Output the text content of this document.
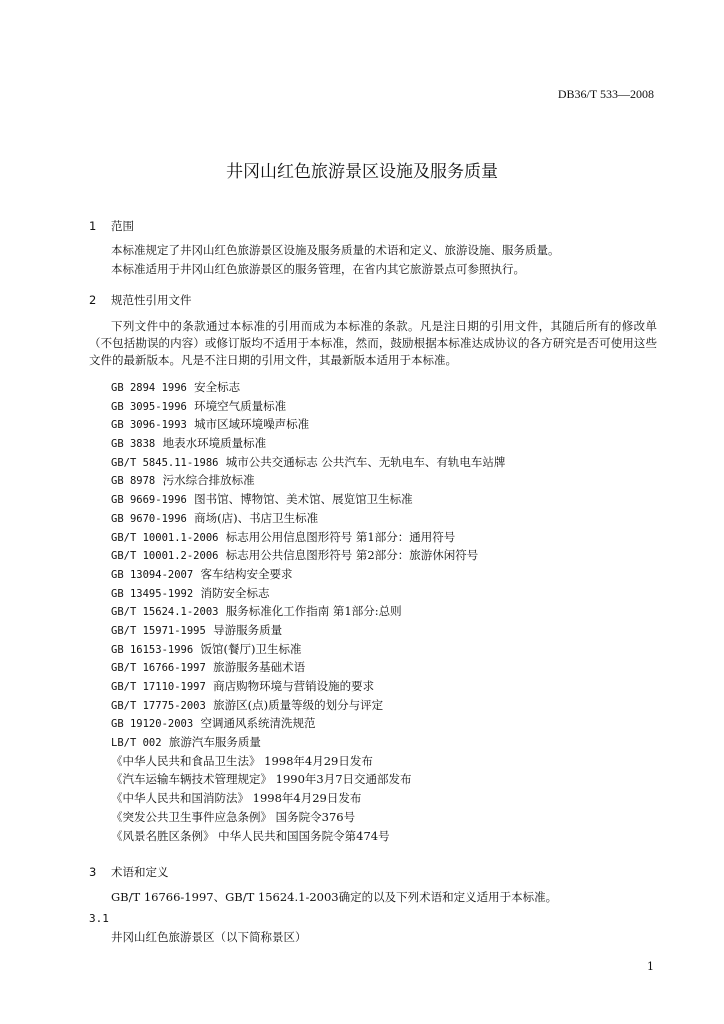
DB36/T 533—2008
井冈山红色旅游景区设施及服务质量
1 范围
本标准规定了井冈山红色旅游景区设施及服务质量的术语和定义、旅游设施、服务质量。
本标准适用于井冈山红色旅游景区的服务管理，在省内其它旅游景点可参照执行。
2 规范性引用文件
下列文件中的条款通过本标准的引用而成为本标准的条款。凡是注日期的引用文件，其随后所有的修改单（不包括勘误的内容）或修订版均不适用于本标准，然而，鼓励根据本标准达成协议的各方研究是否可使用这些文件的最新版本。凡是不注日期的引用文件，其最新版本适用于本标准。
GB 2894 1996 安全标志
GB 3095-1996 环境空气质量标准
GB 3096-1993 城市区域环境噪声标准
GB 3838 地表水环境质量标准
GB/T 5845.11-1986 城市公共交通标志 公共汽车、无轨电车、有轨电车站牌
GB 8978 污水综合排放标准
GB 9669-1996 图书馆、博物馆、美术馆、展览馆卫生标准
GB 9670-1996 商场(店)、书店卫生标准
GB/T 10001.1-2006 标志用公用信息图形符号 第1部分：通用符号
GB/T 10001.2-2006 标志用公共信息图形符号 第2部分：旅游休闲符号
GB 13094-2007 客车结构安全要求
GB 13495-1992 消防安全标志
GB/T 15624.1-2003 服务标准化工作指南 第1部分:总则
GB/T 15971-1995 导游服务质量
GB 16153-1996 饭馆(餐厅)卫生标准
GB/T 16766-1997 旅游服务基础术语
GB/T 17110-1997 商店购物环境与营销设施的要求
GB/T 17775-2003 旅游区(点)质量等级的划分与评定
GB 19120-2003 空调通风系统清洗规范
LB/T 002 旅游汽车服务质量
《中华人民共和食品卫生法》 1998年4月29日发布
《汽车运输车辆技术管理规定》 1990年3月7日交通部发布
《中华人民共和国消防法》 1998年4月29日发布
《突发公共卫生事件应急条例》 国务院令376号
《风景名胜区条例》 中华人民共和国国务院令第474号
3 术语和定义
GB/T 16766-1997、GB/T 15624.1-2003确定的以及下列术语和定义适用于本标准。
3.1
井冈山红色旅游景区（以下简称景区）
1
